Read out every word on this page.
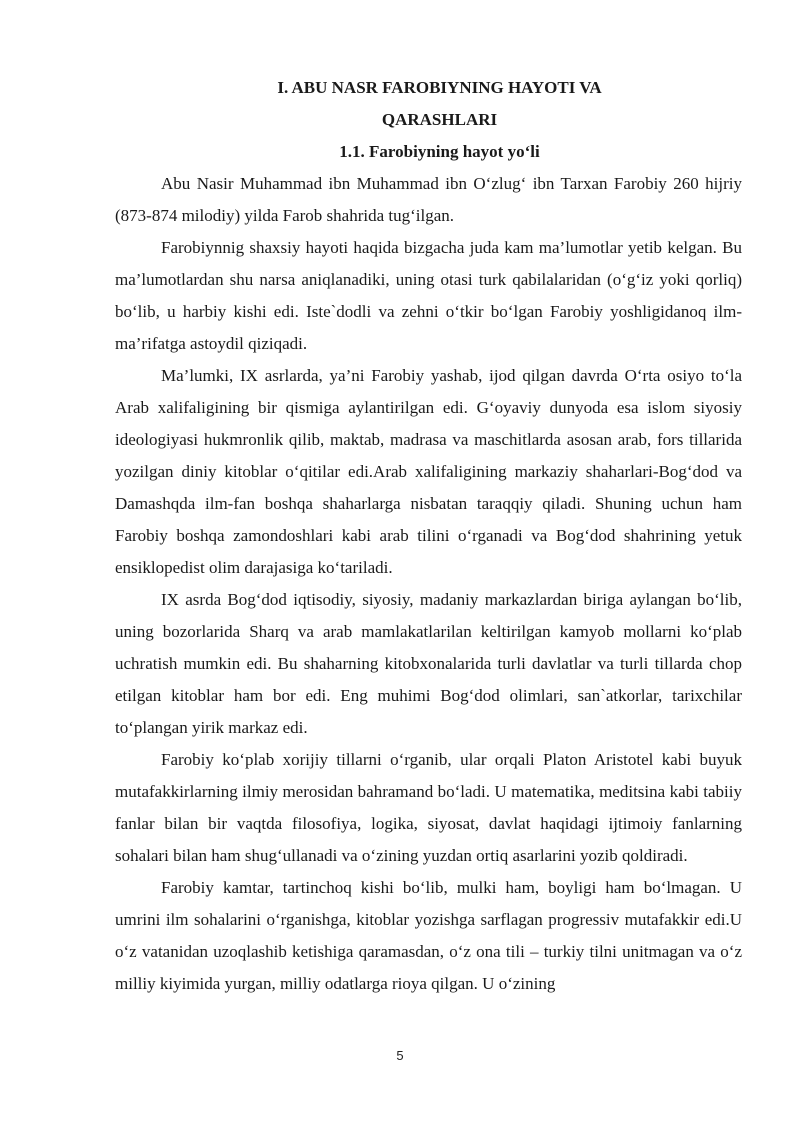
I. ABU NASR FAROBIYNING HAYOTI VA
QARASHLARI
1.1. Farobiyning hayot yo‘li

Abu Nasir Muhammad ibn Muhammad ibn O‘zlug‘ ibn Tarxan Farobiy 260 hijriy (873-874 milodiy) yilda Farob shahrida tug‘ilgan.

Farobiynnig shaxsiy hayoti haqida bizgacha juda kam ma’lumotlar yetib kelgan. Bu ma’lumotlardan shu narsa aniqlanadiki, uning otasi turk qabilalaridan (o‘g‘iz yoki qorliq) bo‘lib, u harbiy kishi edi. Iste`dodli va zehni o‘tkir bo‘lgan Farobiy yoshligidanoq ilm-ma’rifatga astoydil qiziqadi.

Ma’lumki, IX asrlarda, ya’ni Farobiy yashab, ijod qilgan davrda O‘rta osiyo to‘la Arab xalifaligining bir qismiga aylantirilgan edi. G‘oyaviy dunyoda esa islom siyosiy ideologiyasi hukmronlik qilib, maktab, madrasa va maschitlarda asosan arab, fors tillarida yozilgan diniy kitoblar o‘qitilar edi.Arab xalifaligining markaziy shaharlari-Bog‘dod va Damashqda ilm-fan boshqa shaharlarga nisbatan taraqqiy qiladi. Shuning uchun ham Farobiy boshqa zamondoshlari kabi arab tilini o‘rganadi va Bog‘dod shahrining yetuk ensiklopedist olim darajasiga ko‘tariladi.

IX asrda Bog‘dod iqtisodiy, siyosiy, madaniy markazlardan biriga aylangan bo‘lib, uning bozorlarida Sharq va arab mamlakatlarilan keltirilgan kamyob mollarni ko‘plab uchratish mumkin edi. Bu shaharning kitobxonalarida turli davlatlar va turli tillarda chop etilgan kitoblar ham bor edi. Eng muhimi Bog‘dod olimlari, san`atkorlar, tarixchilar to‘plangan yirik markaz edi.

Farobiy ko‘plab xorijiy tillarni o‘rganib, ular orqali Platon Aristotel kabi buyuk mutafakkirlarning ilmiy merosidan bahramand bo‘ladi. U matematika, meditsina kabi tabiiy fanlar bilan bir vaqtda filosofiya, logika, siyosat, davlat haqidagi ijtimoiy fanlarning sohalari bilan ham shug‘ullanadi va o‘zining yuzdan ortiq asarlarini yozib qoldiradi.

Farobiy kamtar, tartinchoq kishi bo‘lib, mulki ham, boyligi ham bo‘lmagan. U umrini ilm sohalarini o‘rganishga, kitoblar yozishga sarflagan progressiv mutafakkir edi.U o‘z vatanidan uzoqlashib ketishiga qaramasdan, o‘z ona tili – turkiy tilni unitmagan va o‘z milliy kiyimida yurgan, milliy odatlarga rioya qilgan. U o‘zining

5
